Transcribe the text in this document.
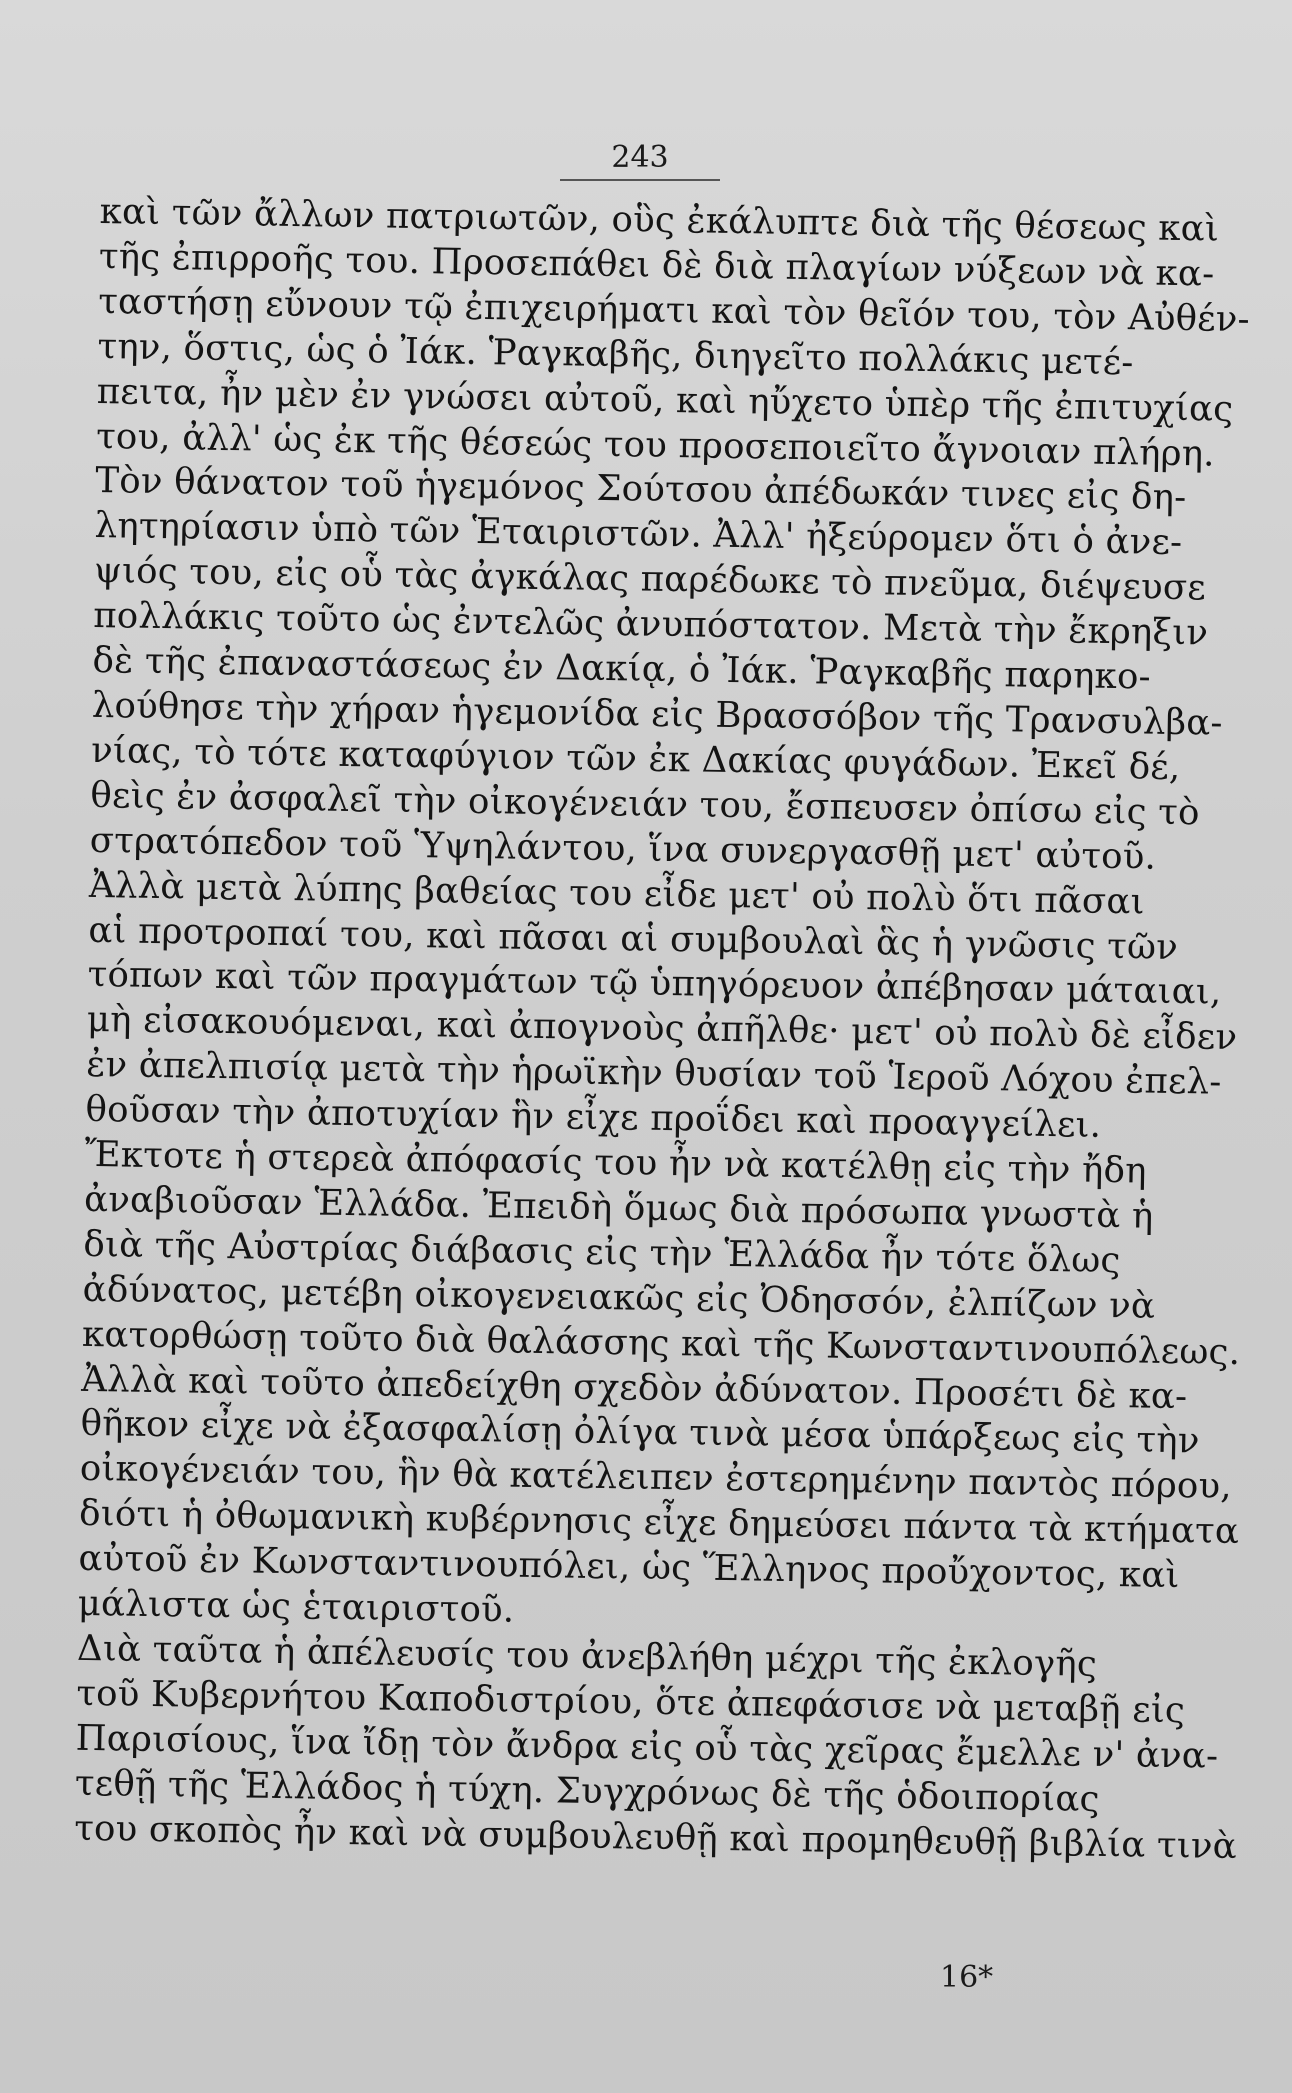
243
καὶ τῶν ἄλλων πατριωτῶν, οὓς ἐκάλυπτε διὰ τῆς θέσεως καὶ
τῆς ἐπιρροῆς του. Προσεπάθει δὲ διὰ πλαγίων νύξεων νὰ κα-
ταστήσῃ εὔνουν τῷ ἐπιχειρήματι καὶ τὸν θεῖόν του, τὸν Αὐθέν-
την, ὅστις, ὡς ὁ Ἰάκ. Ῥαγκαβῆς, διηγεῖτο πολλάκις μετέ-
πειτα, ἦν μὲν ἐν γνώσει αὐτοῦ, καὶ ηὔχετο ὑπὲρ τῆς ἐπιτυχίας
του, ἀλλ' ὡς ἐκ τῆς θέσεώς του προσεποιεῖτο ἄγνοιαν πλήρη.
Τὸν θάνατον τοῦ ἡγεμόνος Σούτσου ἀπέδωκάν τινες εἰς δη-
λητηρίασιν ὑπὸ τῶν Ἑταιριστῶν. Ἀλλ' ἠξεύρομεν ὅτι ὁ ἀνε-
ψιός του, εἰς οὗ τὰς ἀγκάλας παρέδωκε τὸ πνεῦμα, διέψευσε
πολλάκις τοῦτο ὡς ἐντελῶς ἀνυπόστατον. Μετὰ τὴν ἔκρηξιν
δὲ τῆς ἐπαναστάσεως ἐν Δακίᾳ, ὁ Ἰάκ. Ῥαγκαβῆς παρηκο-
λούθησε τὴν χήραν ἡγεμονίδα εἰς Βρασσόβον τῆς Τρανσυλβα-
νίας, τὸ τότε καταφύγιον τῶν ἐκ Δακίας φυγάδων. Ἐκεῖ δέ,
θεὶς ἐν ἀσφαλεῖ τὴν οἰκογένειάν του, ἔσπευσεν ὀπίσω εἰς τὸ
στρατόπεδον τοῦ Ὑψηλάντου, ἵνα συνεργασθῇ μετ' αὐτοῦ.
Ἀλλὰ μετὰ λύπης βαθείας του εἶδε μετ' οὐ πολὺ ὅτι πᾶσαι
αἱ προτροπαί του, καὶ πᾶσαι αἱ συμβουλαὶ ἃς ἡ γνῶσις τῶν
τόπων καὶ τῶν πραγμάτων τῷ ὑπηγόρευον ἀπέβησαν μάταιαι,
μὴ εἰσακουόμεναι, καὶ ἀπογνοὺς ἀπῆλθε· μετ' οὐ πολὺ δὲ εἶδεν
ἐν ἀπελπισίᾳ μετὰ τὴν ἡρωϊκὴν θυσίαν τοῦ Ἱεροῦ Λόχου ἐπελ-
θοῦσαν τὴν ἀποτυχίαν ἣν εἶχε προΐδει καὶ προαγγείλει.
Ἔκτοτε ἡ στερεὰ ἀπόφασίς του ἦν νὰ κατέλθῃ εἰς τὴν ἤδη
ἀναβιοῦσαν Ἑλλάδα. Ἐπειδὴ ὅμως διὰ πρόσωπα γνωστὰ ἡ
διὰ τῆς Αὐστρίας διάβασις εἰς τὴν Ἑλλάδα ἦν τότε ὅλως
ἀδύνατος, μετέβη οἰκογενειακῶς εἰς Ὀδησσόν, ἐλπίζων νὰ
κατορθώσῃ τοῦτο διὰ θαλάσσης καὶ τῆς Κωνσταντινουπόλεως.
Ἀλλὰ καὶ τοῦτο ἀπεδείχθη σχεδὸν ἀδύνατον. Προσέτι δὲ κα-
θῆκον εἶχε νὰ ἐξασφαλίσῃ ὀλίγα τινὰ μέσα ὑπάρξεως εἰς τὴν
οἰκογένειάν του, ἣν θὰ κατέλειπεν ἐστερημένην παντὸς πόρου,
διότι ἡ ὀθωμανικὴ κυβέρνησις εἶχε δημεύσει πάντα τὰ κτήματα
αὐτοῦ ἐν Κωνσταντινουπόλει, ὡς Ἕλληνος προὔχοντος, καὶ
μάλιστα ὡς ἑταιριστοῦ.
Διὰ ταῦτα ἡ ἀπέλευσίς του ἀνεβλήθη μέχρι τῆς ἐκλογῆς
τοῦ Κυβερνήτου Καποδιστρίου, ὅτε ἀπεφάσισε νὰ μεταβῇ εἰς
Παρισίους, ἵνα ἴδῃ τὸν ἄνδρα εἰς οὗ τὰς χεῖρας ἔμελλε ν' ἀνα-
τεθῇ τῆς Ἑλλάδος ἡ τύχη. Συγχρόνως δὲ τῆς ὁδοιπορίας
του σκοπὸς ἦν καὶ νὰ συμβουλευθῇ καὶ προμηθευθῇ βιβλία τινὰ
16*
